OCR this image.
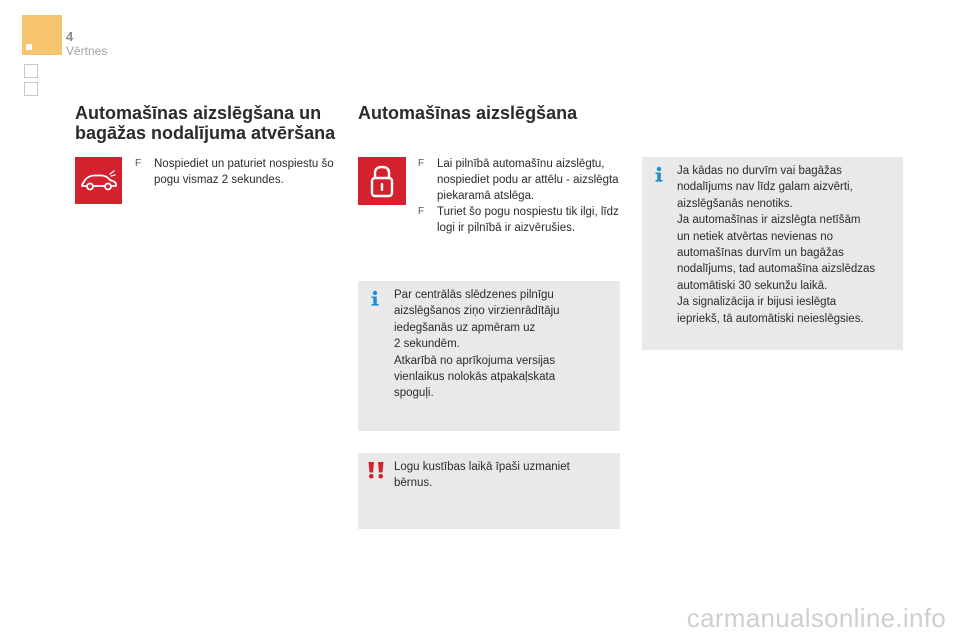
4
Vērtnes
Automašīnas aizslēgšana un bagāžas nodalījuma atvēršana
F Nospiediet un paturiet nospiestu šo pogu vismaz 2 sekundes.
Automašīnas aizslēgšana
F Lai pilnībā automašīnu aizslēgtu, nospiediet podu ar attēlu - aizslēgta piekaramā atslēga.
F Turiet šo pogu nospiestu tik ilgi, līdz logi ir pilnībā ir aizvērušies.
Par centrālās slēdzenes pilnīgu
aizslēgšanos ziņo virzienrādītāju
iedegšanās uz apmēram uz
2 sekundēm.
Atkarībā no aprīkojuma versijas
vienlaikus nolokās atpakaļskata
spoguļi.
Logu kustības laikā īpaši uzmaniet
bērnus.
Ja kādas no durvīm vai bagāžas
nodalījums nav līdz galam aizvērti,
aizslēgšanās nenotiks.
Ja automašīnas ir aizslēgta netīšām
un netiek atvērtas nevienas no
automašīnas durvīm un bagāžas
nodalījums, tad automašīna aizslēdzas
automātiski 30 sekunžu laikā.
Ja signalizācija ir bijusi ieslēgta
iepriekš, tā automātiski neieslēgsies.
carmanualsonline.info
